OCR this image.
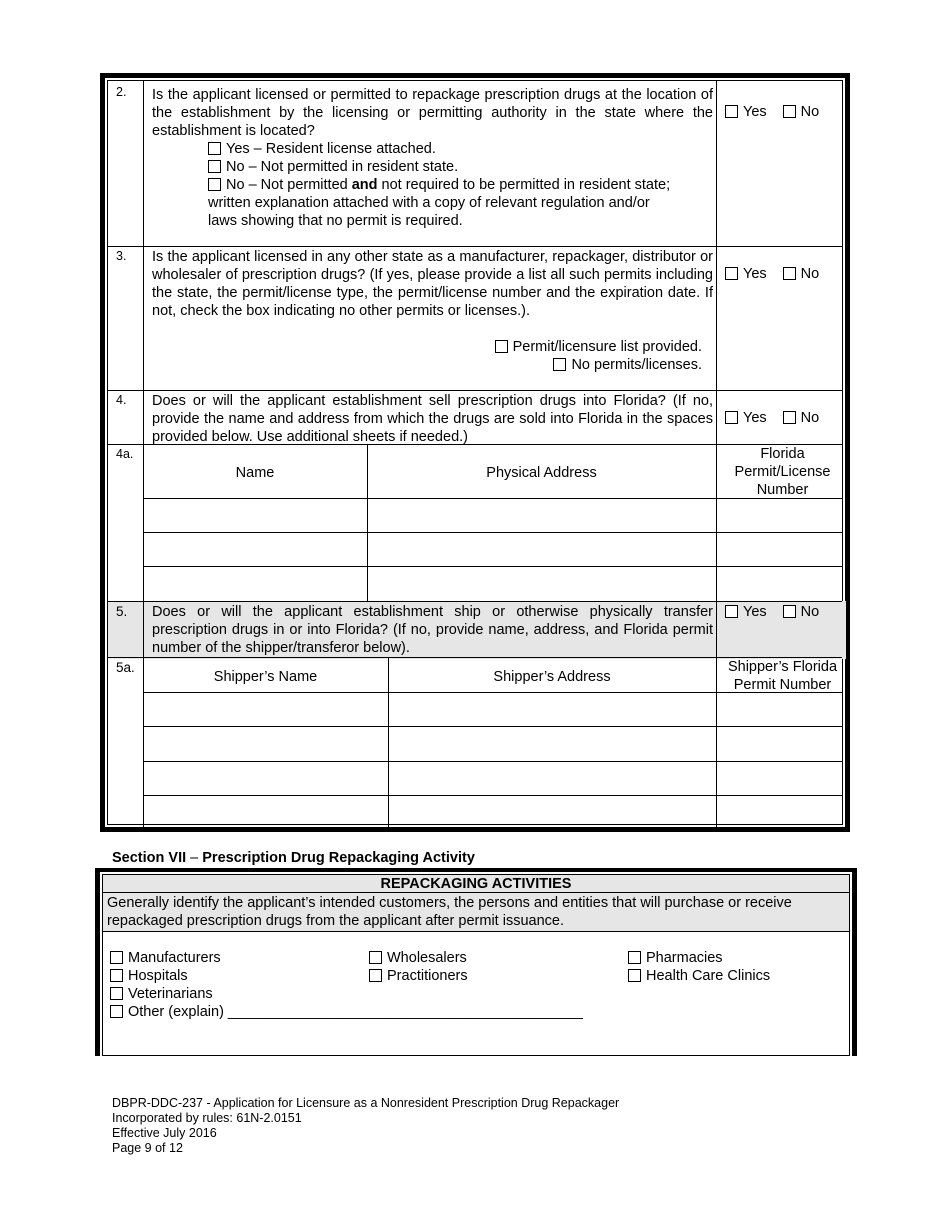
2. Is the applicant licensed or permitted to repackage prescription drugs at the location of the establishment by the licensing or permitting authority in the state where the establishment is located?
Yes – Resident license attached.
No – Not permitted in resident state.
No – Not permitted and not required to be permitted in resident state;
written explanation attached with a copy of relevant regulation and/or
laws showing that no permit is required.
Yes No
3. Is the applicant licensed in any other state as a manufacturer, repackager, distributor or wholesaler of prescription drugs? (If yes, please provide a list all such permits including the state, the permit/license type, the permit/license number and the expiration date. If not, check the box indicating no other permits or licenses.).
Permit/licensure list provided.
No permits/licenses.
Yes No
4. Does or will the applicant establishment sell prescription drugs into Florida? (If no, provide the name and address from which the drugs are sold into Florida in the spaces provided below. Use additional sheets if needed.)
Yes No
4a.
Name	Physical Address
Florida Permit/License Number
5. Does or will the applicant establishment ship or otherwise physically transfer prescription drugs in or into Florida? (If no, provide name, address, and Florida permit number of the shipper/transferor below).
Yes No
5a.
Shipper’s Name	Shipper’s Address
Shipper’s Florida Permit Number
Section VII – Prescription Drug Repackaging Activity
REPACKAGING ACTIVITIES
Generally identify the applicant’s intended customers, the persons and entities that will purchase or receive repackaged prescription drugs from the applicant after permit issuance.
Manufacturers
Hospitals
Veterinarians
Other (explain) ____________________________________________
Wholesalers
Practitioners
Pharmacies
Health Care Clinics
DBPR-DDC-237 - Application for Licensure as a Nonresident Prescription Drug Repackager
Incorporated by rules: 61N-2.0151
Effective July 2016
Page 9 of 12
